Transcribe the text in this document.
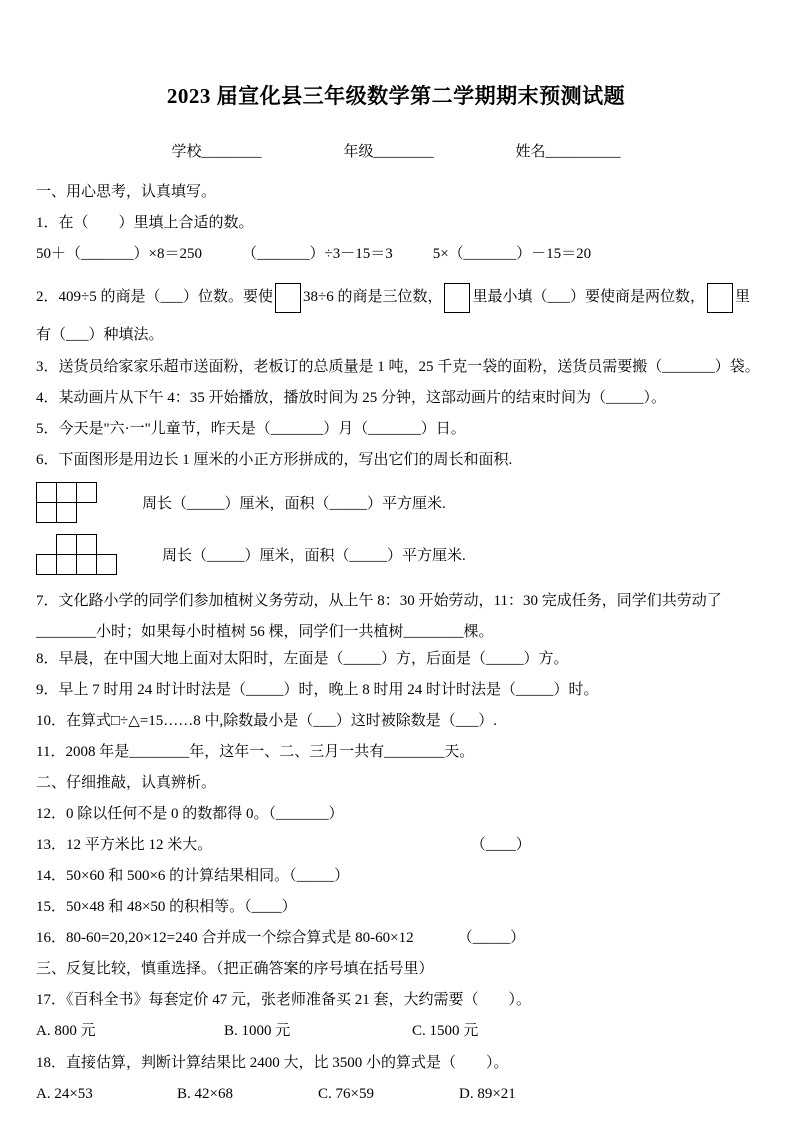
2023 届宣化县三年级数学第二学期期末预测试题
学校________	年级________	姓名__________
一、用心思考，认真填写。
1．在（　　）里填上合适的数。
50＋（_______）×8＝250	（_______）÷3－15＝3	5×（_______）－15＝20
2．409÷5 的商是（___）位数。要使 38÷6 的商是三位数， 里最小填（___）要使商是两位数， 里有（___）种填法。
3．送货员给家家乐超市送面粉，老板订的总质量是 1 吨，25 千克一袋的面粉，送货员需要搬（_______）袋。
4．某动画片从下午 4：35 开始播放，播放时间为 25 分钟，这部动画片的结束时间为（_____）。
5．今天是"六·一"儿童节，昨天是（_______）月（_______）日。
6．下面图形是用边长 1 厘米的小正方形拼成的，写出它们的周长和面积.
周长（_____）厘米，面积（_____）平方厘米.
周长（_____）厘米，面积（_____）平方厘米.
7．文化路小学的同学们参加植树义务劳动，从上午 8：30 开始劳动，11：30 完成任务，同学们共劳动了________小时；如果每小时植树 56 棵，同学们一共植树________棵。
8．早晨，在中国大地上面对太阳时，左面是（_____）方，后面是（_____）方。
9．早上 7 时用 24 时计时法是（_____）时，晚上 8 时用 24 时计时法是（_____）时。
10．在算式□÷△=15……8 中,除数最小是（___）这时被除数是（___）.
11．2008 年是________年，这年一、二、三月一共有________天。
二、仔细推敲，认真辨析。
12．0 除以任何不是 0 的数都得 0。（_______）
13．12 平方米比 12 米大。	（____）
14．50×60 和 500×6 的计算结果相同。（_____）
15．50×48 和 48×50 的积相等。（____）
16．80-60=20,20×12=240 合并成一个综合算式是 80-60×12	（_____）
三、反复比较，慎重选择。（把正确答案的序号填在括号里）
17．《百科全书》每套定价 47 元，张老师准备买 21 套，大约需要（　　）。
A. 800 元	B. 1000 元	C. 1500 元
18．直接估算，判断计算结果比 2400 大，比 3500 小的算式是（　　）。
A. 24×53	B. 42×68	C. 76×59	D. 89×21
